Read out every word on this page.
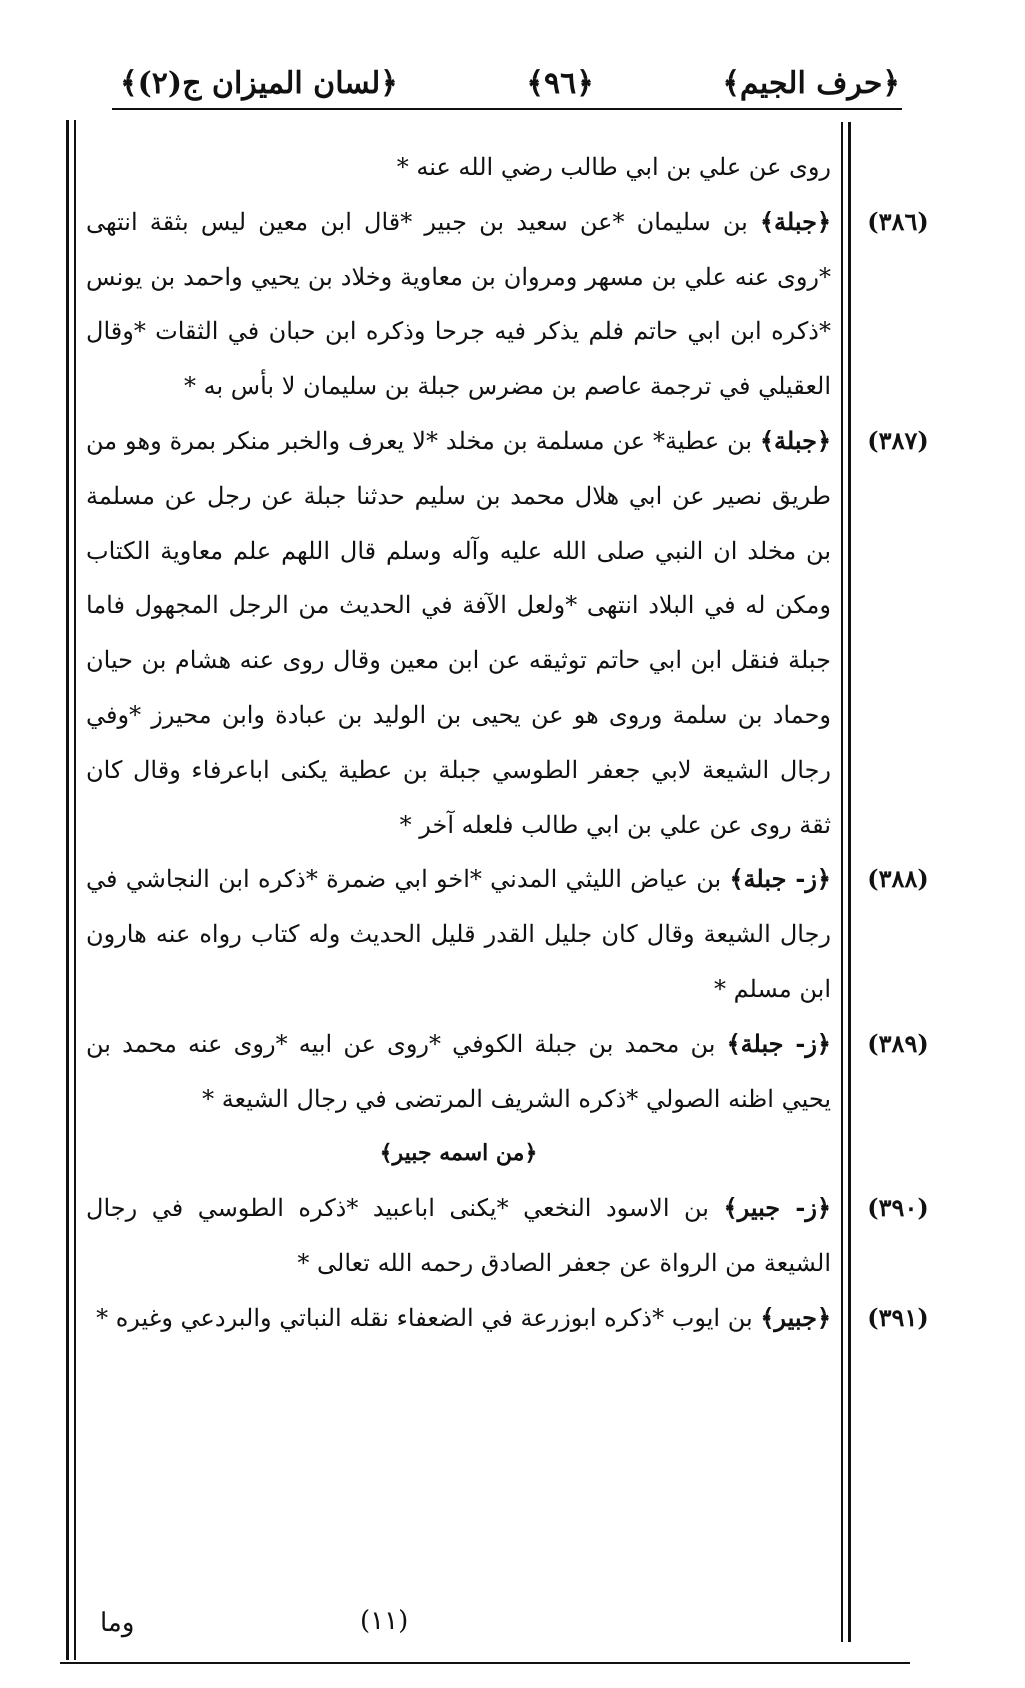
﴿حرف الجيم﴾
﴿٩٦﴾
﴿لسان الميزان ج(٢)﴾

روى عن علي بن ابي طالب رضي الله عنه *

(٣٨٦)
﴿جبلة﴾ بن سليمان *عن سعيد بن جبير *قال ابن معين ليس بثقة انتهى *روى عنه علي بن مسهر ومروان بن معاوية وخلاد بن يحيي واحمد بن يونس *ذكره ابن ابي حاتم فلم يذكر فيه جرحا وذكره ابن حبان في الثقات *وقال العقيلي في ترجمة عاصم بن مضرس جبلة بن سليمان لا بأس به *

(٣٨٧)
﴿جبلة﴾ بن عطية* عن مسلمة بن مخلد *لا يعرف والخبر منكر بمرة وهو من طريق نصير عن ابي هلال محمد بن سليم حدثنا جبلة عن رجل عن مسلمة بن مخلد ان النبي صلى الله عليه وآله وسلم قال اللهم علم معاوية الكتاب ومكن له في البلاد انتهى *ولعل الآفة في الحديث من الرجل المجهول فاما جبلة فنقل ابن ابي حاتم توثيقه عن ابن معين وقال روى عنه هشام بن حيان وحماد بن سلمة وروى هو عن يحيى بن الوليد بن عبادة وابن محيرز *وفي رجال الشيعة لابي جعفر الطوسي جبلة بن عطية يكنى اباعرفاء وقال كان ثقة روى عن علي بن ابي طالب فلعله آخر *

(٣٨٨)
﴿ز- جبلة﴾ بن عياض الليثي المدني *اخو ابي ضمرة *ذكره ابن النجاشي في رجال الشيعة وقال كان جليل القدر قليل الحديث وله كتاب رواه عنه هارون ابن مسلم *

(٣٨٩)
﴿ز- جبلة﴾ بن محمد بن جبلة الكوفي *روى عن ابيه *روى عنه محمد بن يحيي اظنه الصولي *ذكره الشريف المرتضى في رجال الشيعة *

﴿من اسمه جبير﴾

(٣٩٠)
﴿ز- جبير﴾ بن الاسود النخعي *يكنى اباعبيد *ذكره الطوسي في رجال الشيعة من الرواة عن جعفر الصادق رحمه الله تعالى *

(٣٩١)
﴿جبير﴾ بن ايوب *ذكره ابوزرعة في الضعفاء نقله النباتي والبردعي وغيره *

(١١)
وما
